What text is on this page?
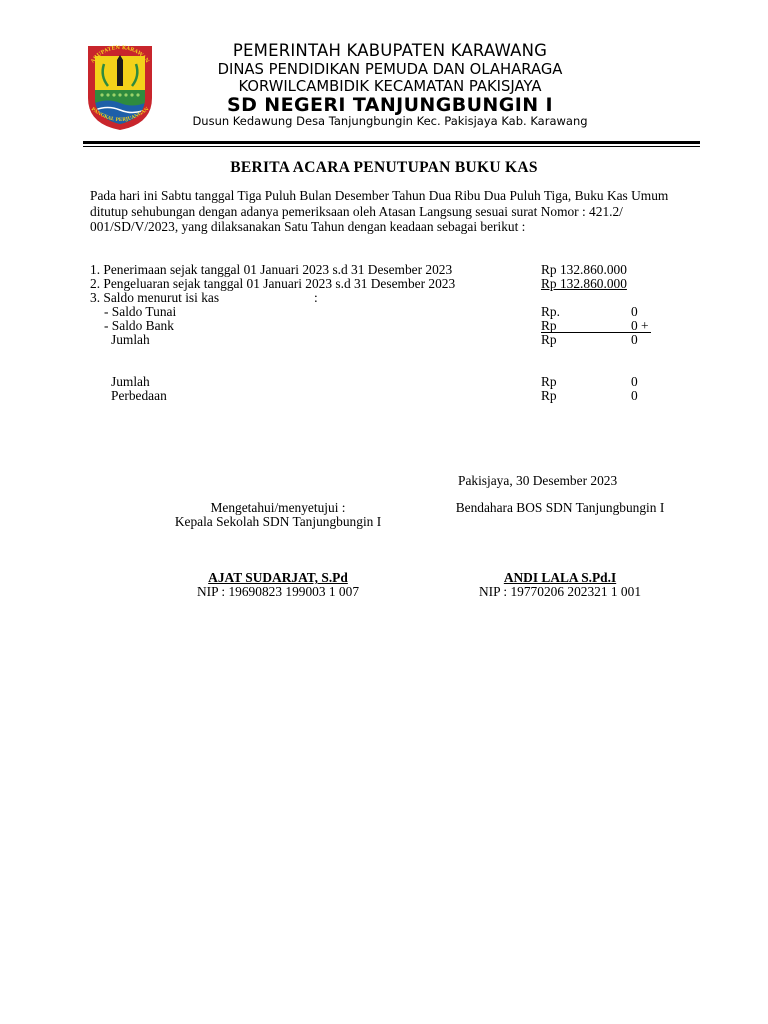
ABUPATEN KARAWAN
PANGKAL PERJUANGAN
PEMERINTAH KABUPATEN KARAWANG
DINAS PENDIDIKAN PEMUDA DAN OLAHARAGA
KORWILCAMBIDIK KECAMATAN PAKISJAYA
SD NEGERI TANJUNGBUNGIN I
Dusun Kedawung Desa Tanjungbungin Kec. Pakisjaya Kab. Karawang
BERITA ACARA PENUTUPAN BUKU KAS
Pada hari ini Sabtu tanggal Tiga Puluh Bulan Desember Tahun Dua Ribu Dua Puluh Tiga, Buku Kas Umum ditutup sehubungan dengan adanya pemeriksaan oleh Atasan Langsung sesuai surat Nomor : 421.2/ 001/SD/V/2023, yang dilaksanakan Satu Tahun dengan keadaan sebagai berikut :
1. Penerimaan sejak tanggal 01 Januari 2023 s.d 31 Desember 2023	Rp 132.860.000
2. Pengeluaran sejak tanggal 01 Januari 2023 s.d 31 Desember 2023	Rp 132.860.000
3. Saldo menurut isi kas	:
- Saldo Tunai	Rp.	0
- Saldo Bank	Rp	0 +
Jumlah	Rp	0
Jumlah	Rp	0
Perbedaan	Rp	0
Pakisjaya, 30 Desember 2023
Mengetahui/menyetujui :
Kepala Sekolah SDN Tanjungbungin I
AJAT SUDARJAT, S.Pd
NIP : 19690823 199003 1 007
Bendahara BOS SDN Tanjungbungin I
ANDI LALA S.Pd.I
NIP : 19770206 202321 1 001
